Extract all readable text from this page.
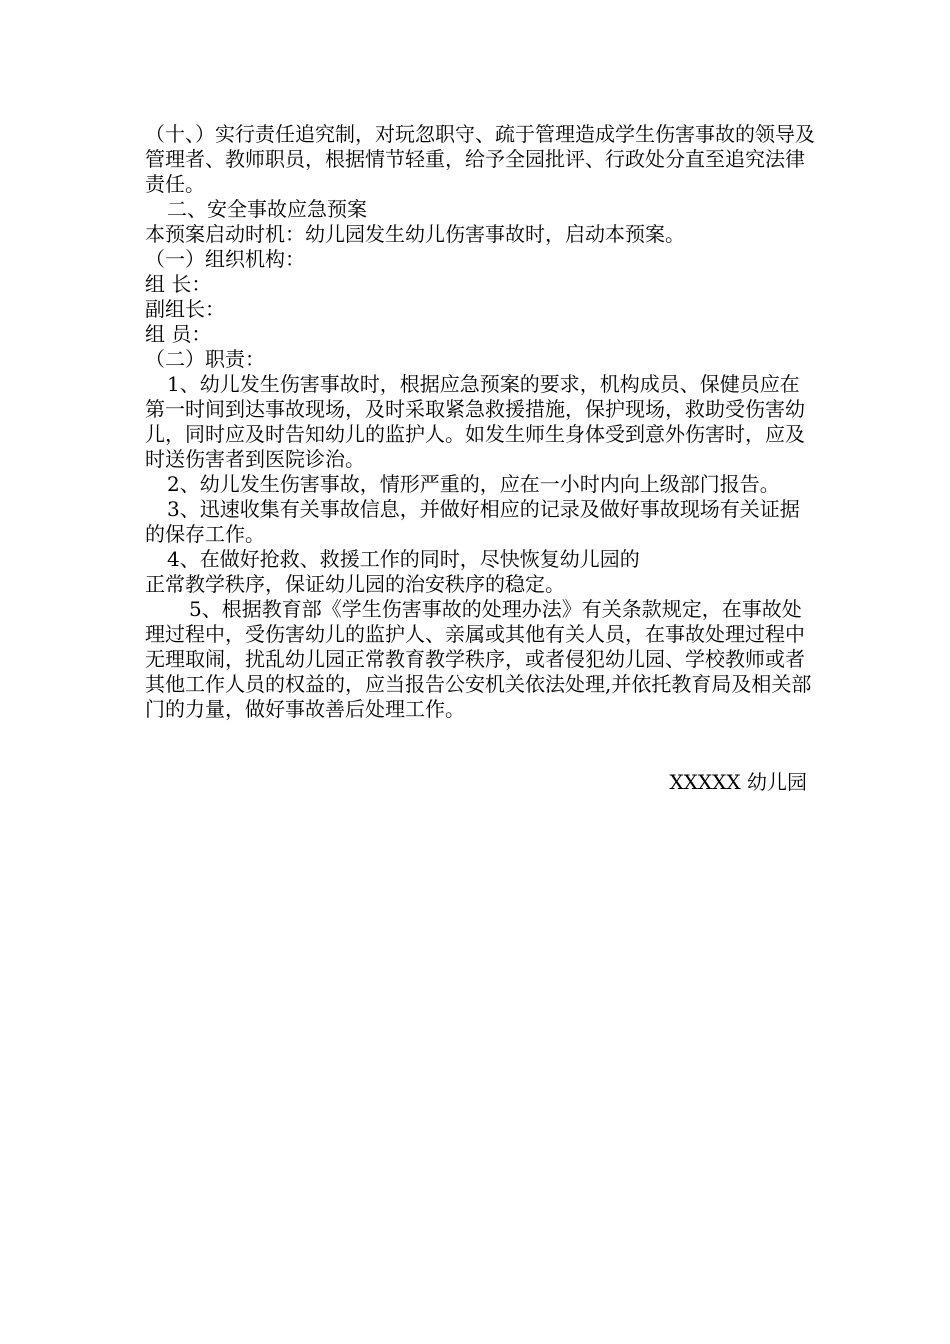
（十、）实行责任追究制，对玩忽职守、疏于管理造成学生伤害事故的领导及管理者、教师职员，根据情节轻重，给予全园批评、行政处分直至追究法律责任。

二、安全事故应急预案

本预案启动时机：幼儿园发生幼儿伤害事故时，启动本预案。

（一）组织机构：

组 长：

副组长：

组 员：

（二）职责：

1、幼儿发生伤害事故时，根据应急预案的要求，机构成员、保健员应在第一时间到达事故现场，及时采取紧急救援措施，保护现场，救助受伤害幼儿，同时应及时告知幼儿的监护人。如发生师生身体受到意外伤害时，应及时送伤害者到医院诊治。

2、幼儿发生伤害事故，情形严重的，应在一小时内向上级部门报告。

3、迅速收集有关事故信息，并做好相应的记录及做好事故现场有关证据的保存工作。

4、在做好抢救、救援工作的同时，尽快恢复幼儿园的

正常教学秩序，保证幼儿园的治安秩序的稳定。

5、根据教育部《学生伤害事故的处理办法》有关条款规定，在事故处理过程中，受伤害幼儿的监护人、亲属或其他有关人员，在事故处理过程中无理取闹，扰乱幼儿园正常教育教学秩序，或者侵犯幼儿园、学校教师或者其他工作人员的权益的，应当报告公安机关依法处理,并依托教育局及相关部门的力量，做好事故善后处理工作。

XXXXX 幼儿园
